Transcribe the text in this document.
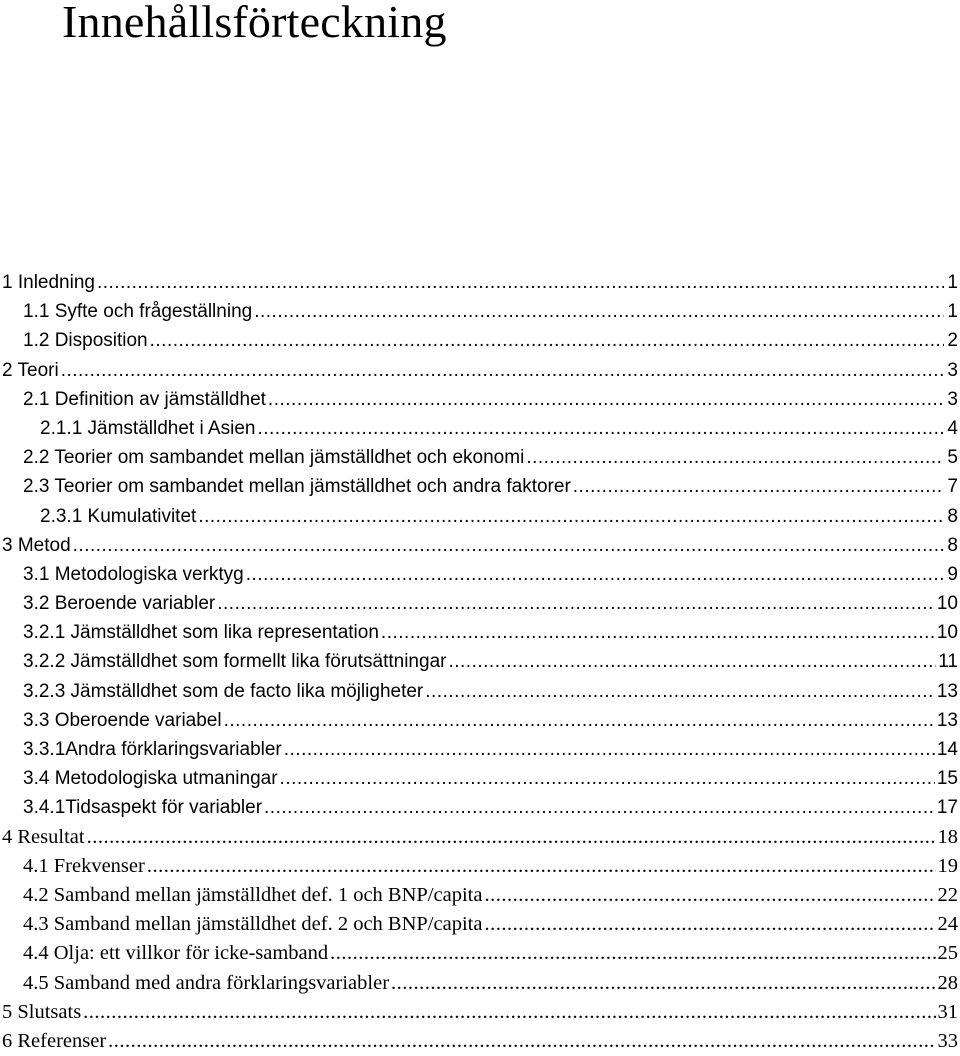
Innehållsförteckning
1 Inledning .....	1
1.1 Syfte och frågeställning .....	1
1.2 Disposition .....	2
2 Teori .....	3
2.1 Definition av jämställdhet .....	3
2.1.1 Jämställdhet i Asien .....	4
2.2 Teorier om sambandet mellan jämställdhet och ekonomi .....	5
2.3 Teorier om sambandet mellan jämställdhet och andra faktorer .....	7
2.3.1 Kumulativitet .....	8
3 Metod .....	8
3.1 Metodologiska verktyg .....	9
3.2 Beroende variabler .....	10
3.2.1 Jämställdhet som lika representation .....	10
3.2.2 Jämställdhet som formellt lika förutsättningar .....	11
3.2.3 Jämställdhet som de facto lika möjligheter .....	13
3.3 Oberoende variabel .....	13
3.3.1Andra förklaringsvariabler .....	14
3.4 Metodologiska utmaningar .....	15
3.4.1Tidsaspekt för variabler .....	17
4 Resultat .....	18
4.1 Frekvenser .....	19
4.2 Samband mellan jämställdhet def. 1 och BNP/capita .....	22
4.3 Samband mellan jämställdhet def. 2 och BNP/capita .....	24
4.4 Olja: ett villkor för icke-samband .....	25
4.5 Samband med andra förklaringsvariabler .....	28
5 Slutsats .....	31
6 Referenser .....	33
